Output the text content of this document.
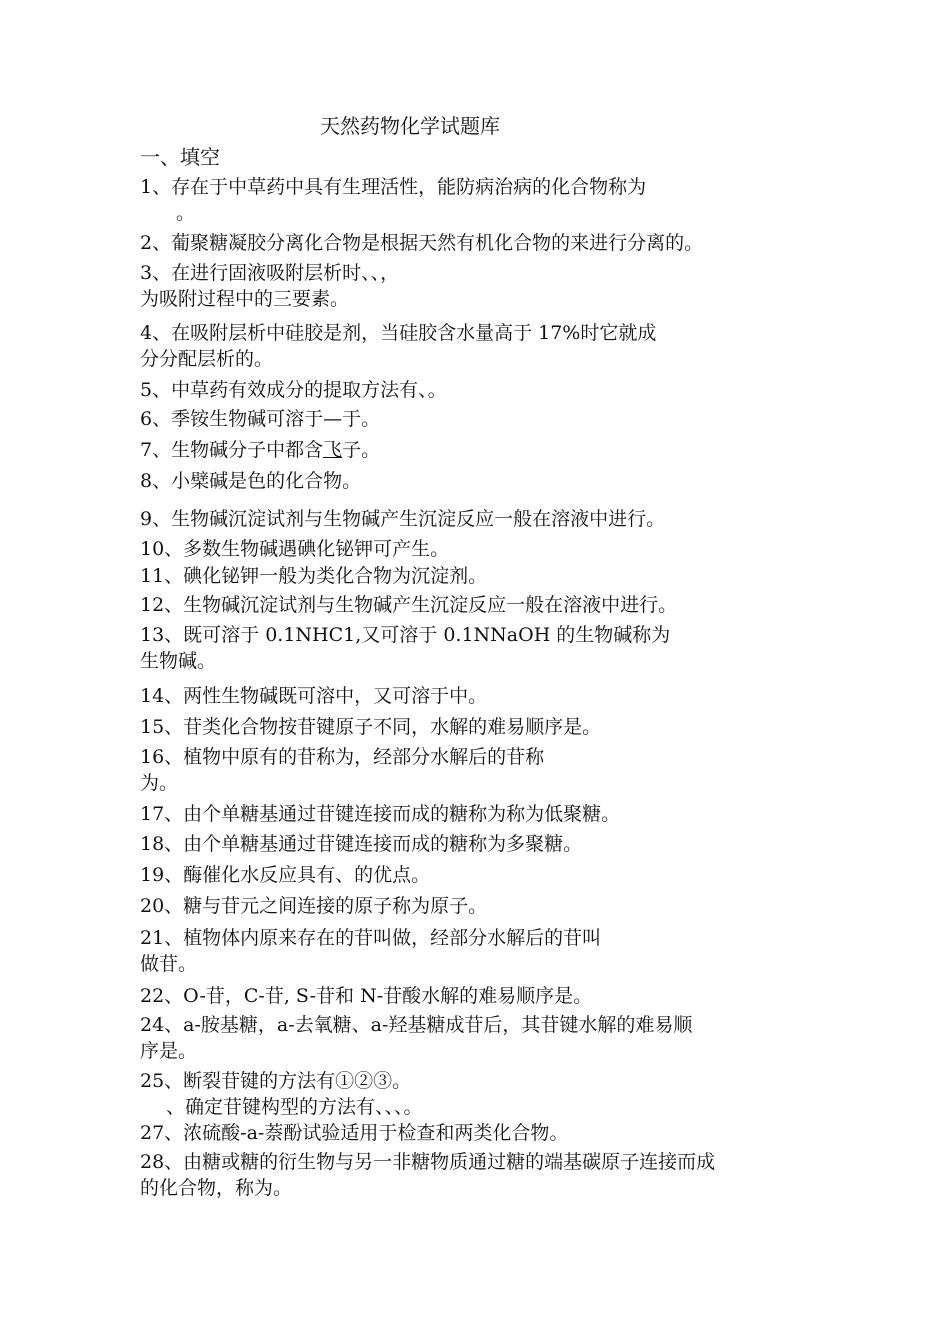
天然药物化学试题库
一、填空
1、存在于中草药中具有生理活性，能防病治病的化合物称为
。
2、葡聚糖凝胶分离化合物是根据天然有机化合物的来进行分离的。
3、在进行固液吸附层析时、、，
为吸附过程中的三要素。
4、在吸附层析中硅胶是剂，当硅胶含水量高于 17%时它就成
分分配层析的。
5、中草药有效成分的提取方法有、。
6、季铵生物碱可溶于—于。
7、生物碱分子中都含飞子。
8、小檗碱是色的化合物。
9、生物碱沉淀试剂与生物碱产生沉淀反应一般在溶液中进行。
10、多数生物碱遇碘化铋钾可产生。
11、碘化铋钾一般为类化合物为沉淀剂。
12、生物碱沉淀试剂与生物碱产生沉淀反应一般在溶液中进行。
13、既可溶于 0.1NHC1,又可溶于 0.1NNaOH 的生物碱称为
生物碱。
14、两性生物碱既可溶中，又可溶于中。
15、苷类化合物按苷键原子不同，水解的难易顺序是。
16、植物中原有的苷称为，经部分水解后的苷称
为。
17、由个单糖基通过苷键连接而成的糖称为称为低聚糖。
18、由个单糖基通过苷键连接而成的糖称为多聚糖。
19、酶催化水反应具有、的优点。
20、糖与苷元之间连接的原子称为原子。
21、植物体内原来存在的苷叫做，经部分水解后的苷叫
做苷。
22、O-苷，C-苷, S-苷和 N-苷酸水解的难易顺序是。
24、a-胺基糖，a-去氧糖、a-羟基糖成苷后，其苷键水解的难易顺
序是。
25、断裂苷键的方法有①②③。
、确定苷键构型的方法有、、、。
27、浓硫酸-a-萘酚试验适用于检查和两类化合物。
28、由糖或糖的衍生物与另一非糖物质通过糖的端基碳原子连接而成
的化合物，称为。
